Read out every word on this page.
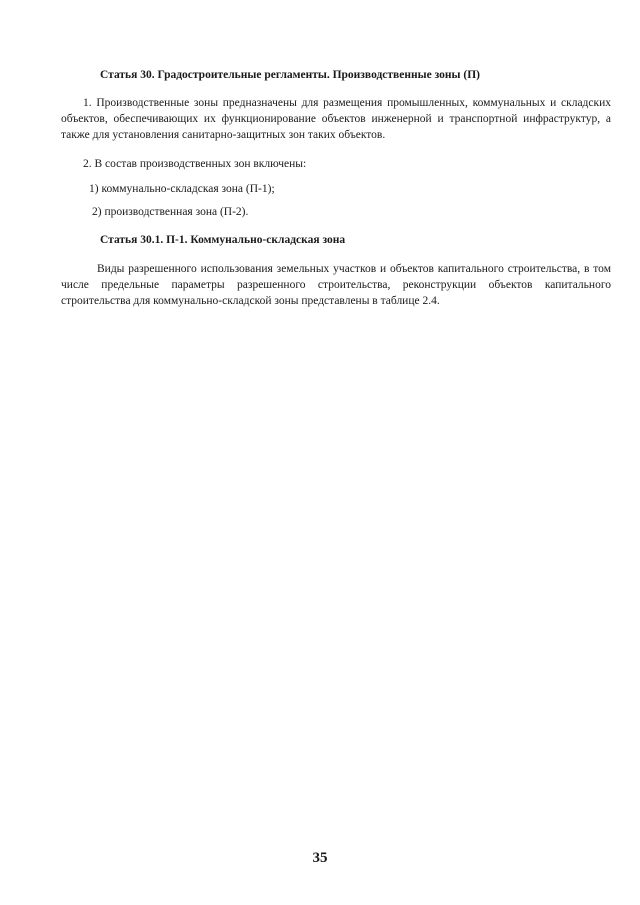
Статья 30. Градостроительные регламенты. Производственные зоны (П)

1. Производственные зоны предназначены для размещения промышленных, коммунальных и складских объектов, обеспечивающих их функционирование объектов инженерной и транспортной инфраструктур, а также для установления санитарно-защитных зон таких объектов.

2. В состав производственных зон включены:
1) коммунально-складская зона (П-1);
2) производственная зона (П-2).
Статья 30.1. П-1. Коммунально-складская зона

Виды разрешенного использования земельных участков и объектов капитального строительства, в том числе предельные параметры разрешенного строительства, реконструкции объектов капитального строительства для коммунально-складской зоны представлены в таблице 2.4.

35
